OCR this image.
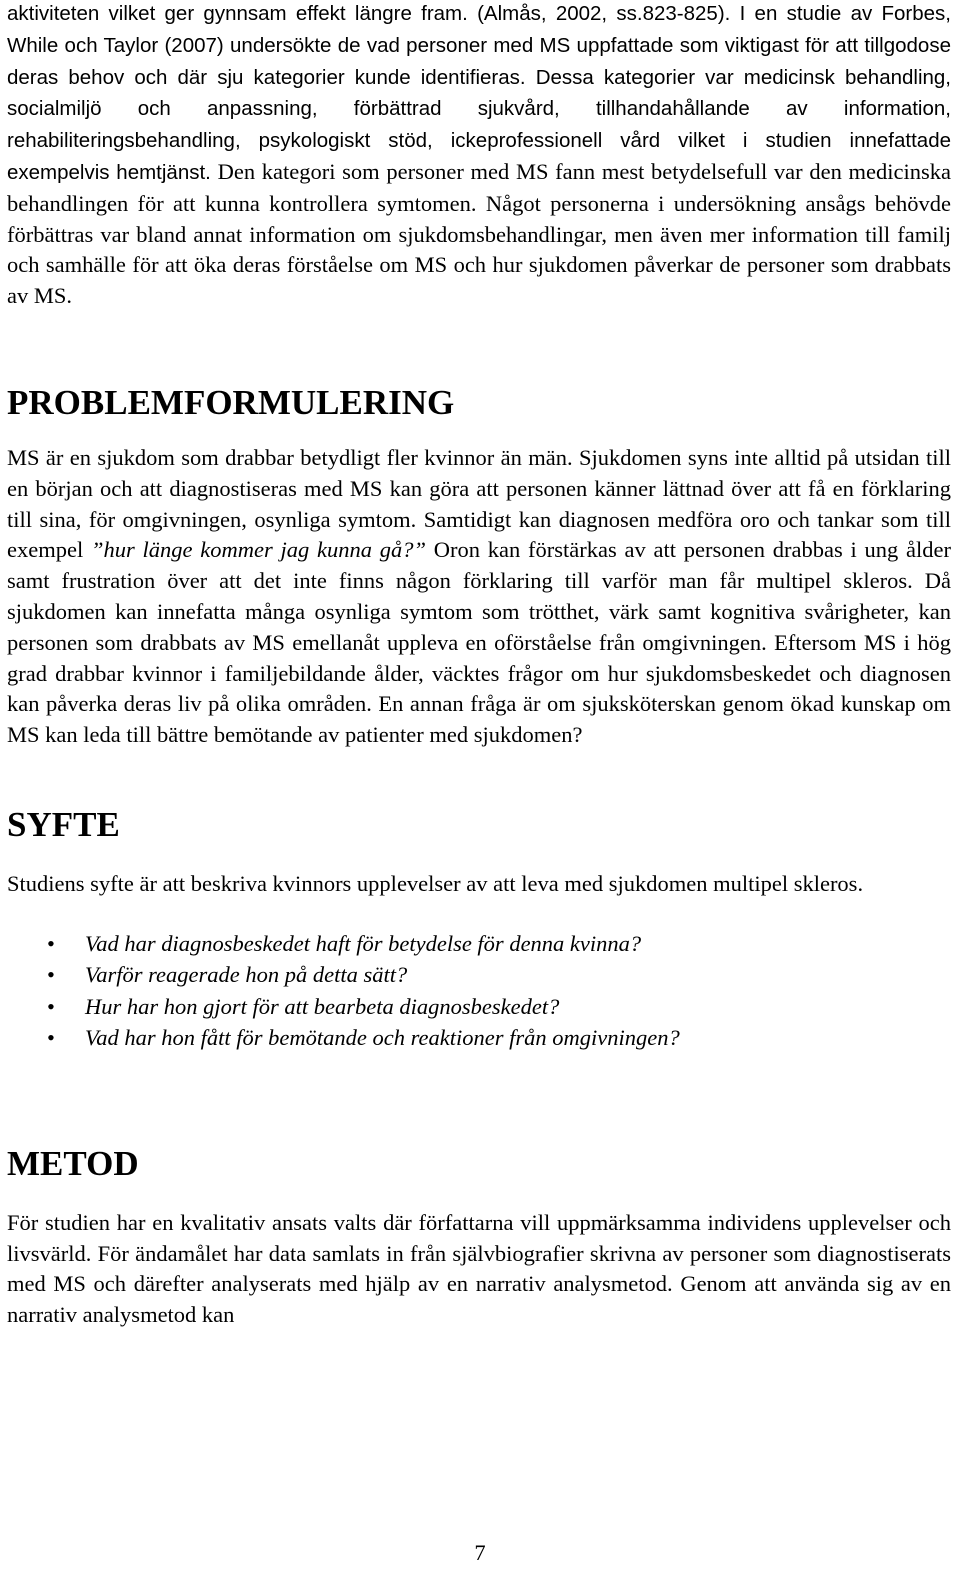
aktiviteten vilket ger gynnsam effekt längre fram. (Almås, 2002, ss.823-825). I en studie av Forbes, While och Taylor (2007) undersökte de vad personer med MS uppfattade som viktigast för att tillgodose deras behov och där sju kategorier kunde identifieras. Dessa kategorier var medicinsk behandling, socialmiljö och anpassning, förbättrad sjukvård, tillhandahållande av information, rehabiliteringsbehandling, psykologiskt stöd, ickeprofessionell vård vilket i studien innefattade exempelvis hemtjänst. Den kategori som personer med MS fann mest betydelsefull var den medicinska behandlingen för att kunna kontrollera symtomen. Något personerna i undersökning ansågs behövde förbättras var bland annat information om sjukdomsbehandlingar, men även mer information till familj och samhälle för att öka deras förståelse om MS och hur sjukdomen påverkar de personer som drabbats av MS.

PROBLEMFORMULERING

MS är en sjukdom som drabbar betydligt fler kvinnor än män. Sjukdomen syns inte alltid på utsidan till en början och att diagnostiseras med MS kan göra att personen känner lättnad över att få en förklaring till sina, för omgivningen, osynliga symtom. Samtidigt kan diagnosen medföra oro och tankar som till exempel ”hur länge kommer jag kunna gå?” Oron kan förstärkas av att personen drabbas i ung ålder samt frustration över att det inte finns någon förklaring till varför man får multipel skleros. Då sjukdomen kan innefatta många osynliga symtom som trötthet, värk samt kognitiva svårigheter, kan personen som drabbats av MS emellanåt uppleva en oförståelse från omgivningen. Eftersom MS i hög grad drabbar kvinnor i familjebildande ålder, väcktes frågor om hur sjukdomsbeskedet och diagnosen kan påverka deras liv på olika områden. En annan fråga är om sjuksköterskan genom ökad kunskap om MS kan leda till bättre bemötande av patienter med sjukdomen?

SYFTE

Studiens syfte är att beskriva kvinnors upplevelser av att leva med sjukdomen multipel skleros.

• Vad har diagnosbeskedet haft för betydelse för denna kvinna?
• Varför reagerade hon på detta sätt?
• Hur har hon gjort för att bearbeta diagnosbeskedet?
• Vad har hon fått för bemötande och reaktioner från omgivningen?
METOD

För studien har en kvalitativ ansats valts där författarna vill uppmärksamma individens upplevelser och livsvärld. För ändamålet har data samlats in från självbiografier skrivna av personer som diagnostiserats med MS och därefter analyserats med hjälp av en narrativ analysmetod. Genom att använda sig av en narrativ analysmetod kan

7
